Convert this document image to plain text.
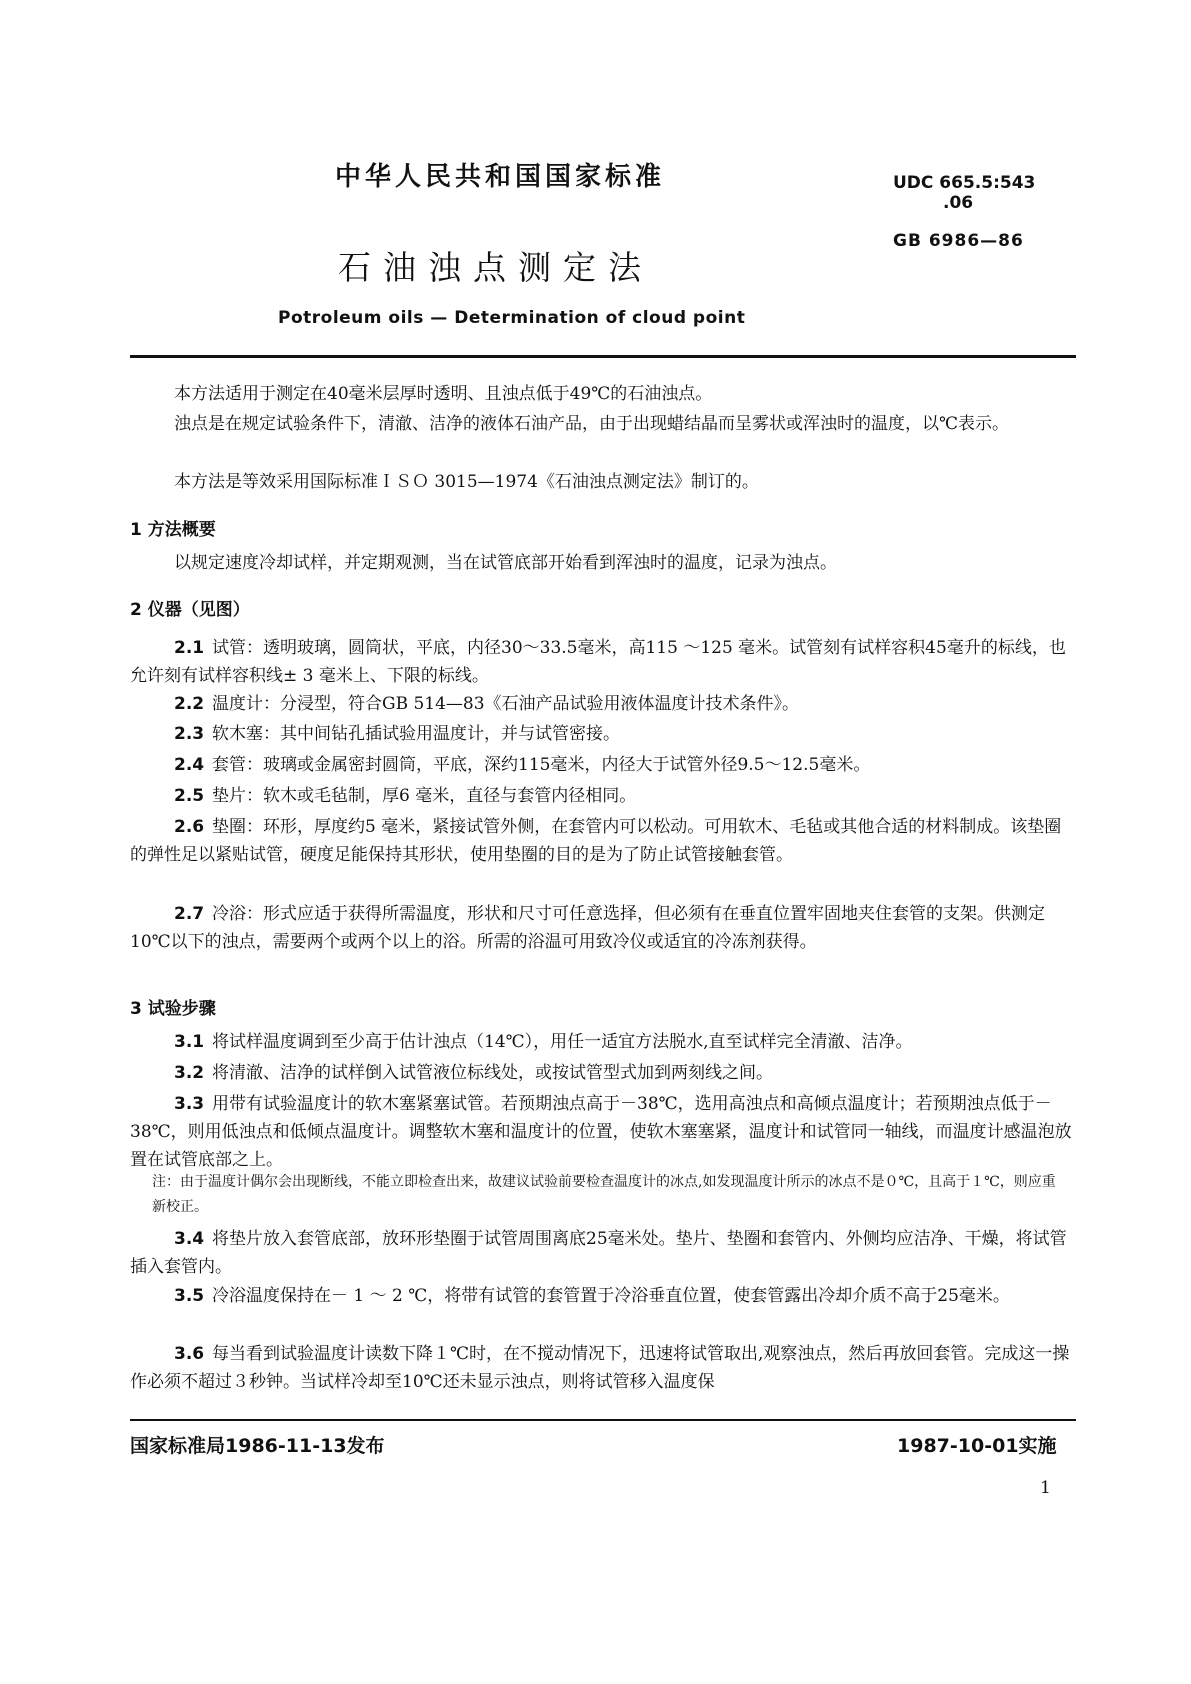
中华人民共和国国家标准
石油浊点测定法
Potroleum oils — Determination of cloud point
UDC 665.5:543
.06
GB 6986—86
本方法适用于测定在40毫米层厚时透明、且浊点低于49℃的石油浊点。
浊点是在规定试验条件下，清澈、洁净的液体石油产品，由于出现蜡结晶而呈雾状或浑浊时的温度，以℃表示。
本方法是等效采用国际标准ＩＳＯ 3015—1974《石油浊点测定法》制订的。
1 方法概要
以规定速度冷却试样，并定期观测，当在试管底部开始看到浑浊时的温度，记录为浊点。
2 仪器（见图）
2.1 试管：透明玻璃，圆筒状，平底，内径30～33.5毫米，高115 ～125 毫米。试管刻有试样容积45毫升的标线，也允许刻有试样容积线± 3 毫米上、下限的标线。
2.2 温度计：分浸型，符合GB 514—83《石油产品试验用液体温度计技术条件》。
2.3 软木塞：其中间钻孔插试验用温度计，并与试管密接。
2.4 套管：玻璃或金属密封圆筒，平底，深约115毫米，内径大于试管外径9.5～12.5毫米。
2.5 垫片：软木或毛毡制，厚6 毫米，直径与套管内径相同。
2.6 垫圈：环形，厚度约5 毫米，紧接试管外侧，在套管内可以松动。可用软木、毛毡或其他合适的材料制成。该垫圈的弹性足以紧贴试管，硬度足能保持其形状，使用垫圈的目的是为了防止试管接触套管。
2.7 冷浴：形式应适于获得所需温度，形状和尺寸可任意选择，但必须有在垂直位置牢固地夹住套管的支架。供测定10℃以下的浊点，需要两个或两个以上的浴。所需的浴温可用致冷仪或适宜的冷冻剂获得。
3 试验步骤
3.1 将试样温度调到至少高于估计浊点（14℃），用任一适宜方法脱水,直至试样完全清澈、洁净。
3.2 将清澈、洁净的试样倒入试管液位标线处，或按试管型式加到两刻线之间。
3.3 用带有试验温度计的软木塞紧塞试管。若预期浊点高于－38℃，选用高浊点和高倾点温度计；若预期浊点低于－38℃，则用低浊点和低倾点温度计。调整软木塞和温度计的位置，使软木塞塞紧，温度计和试管同一轴线，而温度计感温泡放置在试管底部之上。
注：由于温度计偶尔会出现断线，不能立即检查出来，故建议试验前要检查温度计的冰点,如发现温度计所示的冰点不是０℃，且高于１℃，则应重新校正。
3.4 将垫片放入套管底部，放环形垫圈于试管周围离底25毫米处。垫片、垫圈和套管内、外侧均应洁净、干燥，将试管插入套管内。
3.5 冷浴温度保持在－ 1 ～ 2 ℃，将带有试管的套管置于冷浴垂直位置，使套管露出冷却介质不高于25毫米。
3.6 每当看到试验温度计读数下降１℃时，在不搅动情况下，迅速将试管取出,观察浊点，然后再放回套管。完成这一操作必须不超过３秒钟。当试样冷却至10℃还未显示浊点，则将试管移入温度保
国家标准局1986-11-13发布	1987-10-01实施
1
